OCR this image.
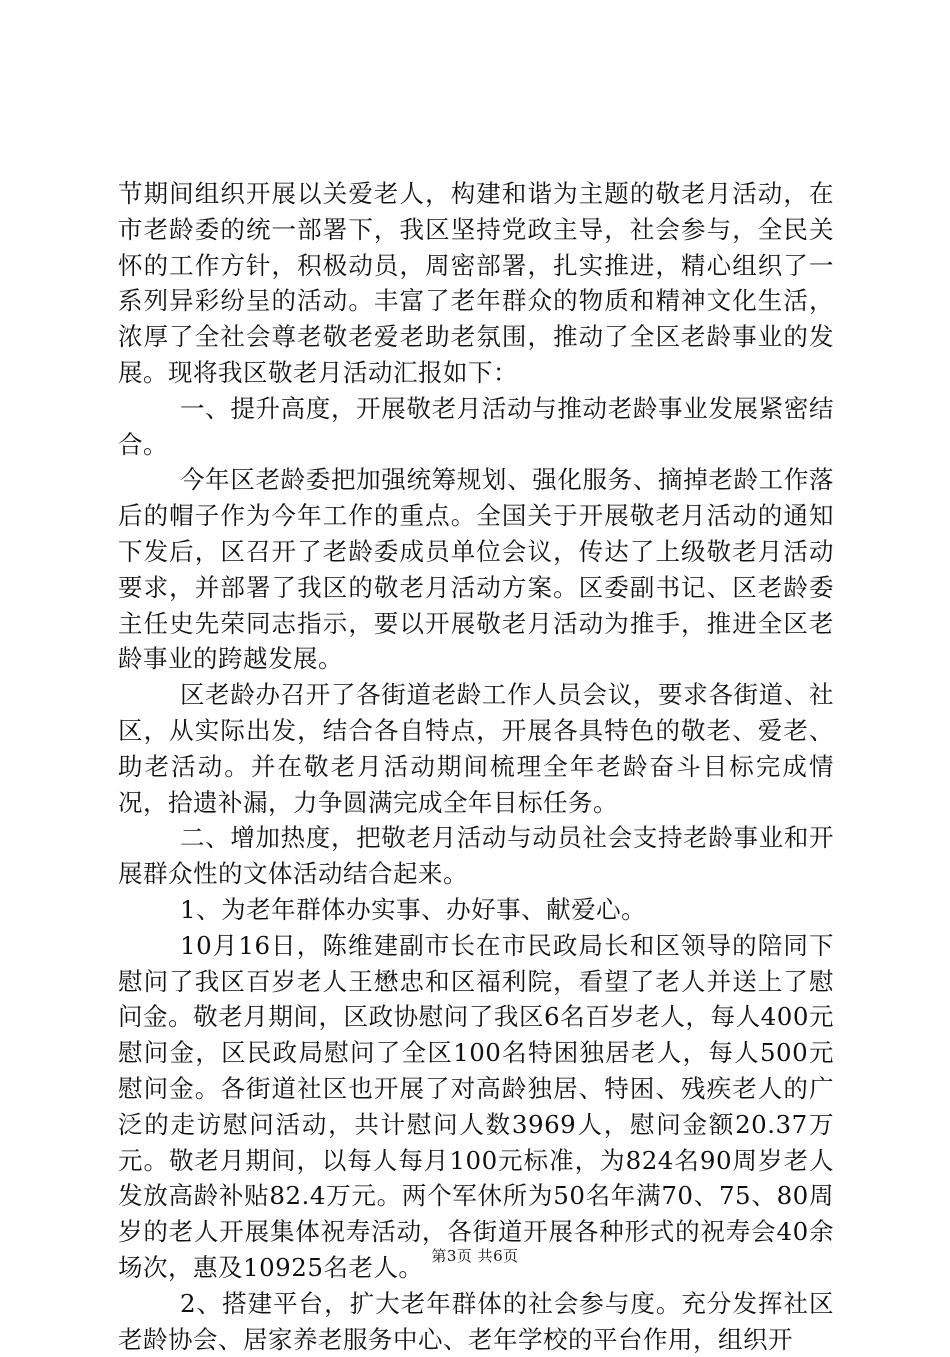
节期间组织开展以关爱老人，构建和谐为主题的敬老月活动，在市老龄委的统一部署下，我区坚持党政主导，社会参与，全民关怀的工作方针，积极动员，周密部署，扎实推进，精心组织了一系列异彩纷呈的活动。丰富了老年群众的物质和精神文化生活，浓厚了全社会尊老敬老爱老助老氛围，推动了全区老龄事业的发展。现将我区敬老月活动汇报如下：

一、提升高度，开展敬老月活动与推动老龄事业发展紧密结合。

今年区老龄委把加强统筹规划、强化服务、摘掉老龄工作落后的帽子作为今年工作的重点。全国关于开展敬老月活动的通知下发后，区召开了老龄委成员单位会议，传达了上级敬老月活动要求，并部署了我区的敬老月活动方案。区委副书记、区老龄委主任史先荣同志指示，要以开展敬老月活动为推手，推进全区老龄事业的跨越发展。

区老龄办召开了各街道老龄工作人员会议，要求各街道、社区，从实际出发，结合各自特点，开展各具特色的敬老、爱老、助老活动。并在敬老月活动期间梳理全年老龄奋斗目标完成情况，拾遗补漏，力争圆满完成全年目标任务。

二、增加热度，把敬老月活动与动员社会支持老龄事业和开展群众性的文体活动结合起来。

1、为老年群体办实事、办好事、献爱心。

10月16日，陈维建副市长在市民政局长和区领导的陪同下慰问了我区百岁老人王懋忠和区福利院，看望了老人并送上了慰问金。敬老月期间，区政协慰问了我区6名百岁老人，每人400元慰问金，区民政局慰问了全区100名特困独居老人，每人500元慰问金。各街道社区也开展了对高龄独居、特困、残疾老人的广泛的走访慰问活动，共计慰问人数3969人，慰问金额20.37万元。敬老月期间，以每人每月100元标准，为824名90周岁老人发放高龄补贴82.4万元。两个军休所为50名年满70、75、80周岁的老人开展集体祝寿活动，各街道开展各种形式的祝寿会40余场次，惠及10925名老人。

2、搭建平台，扩大老年群体的社会参与度。充分发挥社区老龄协会、居家养老服务中心、老年学校的平台作用，组织开

第3页 共6页
